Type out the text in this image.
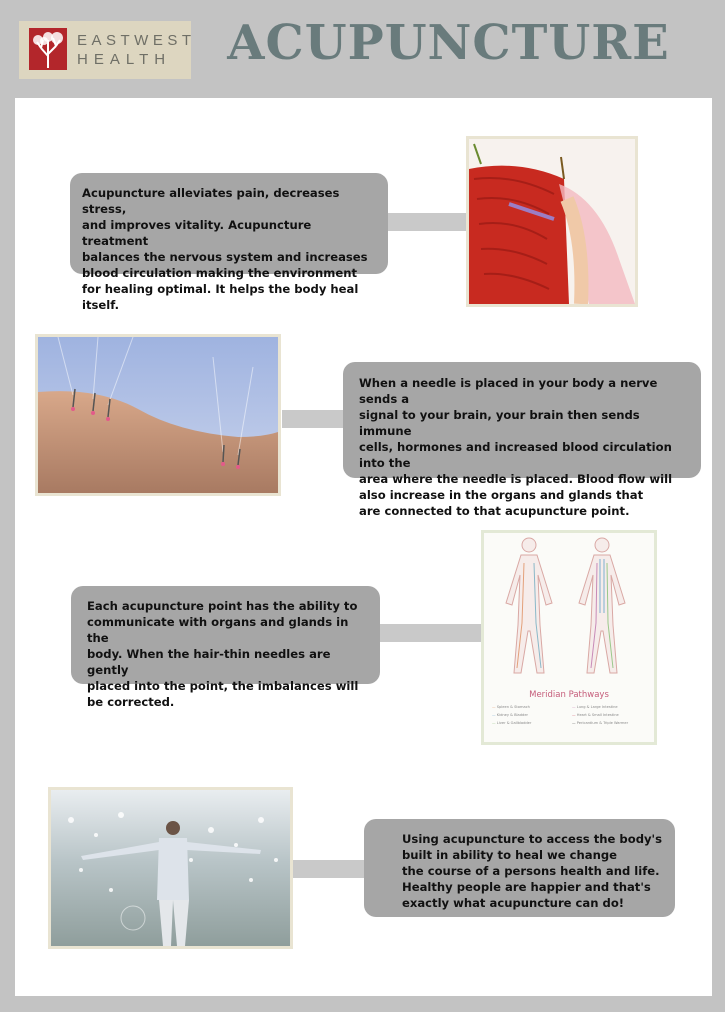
EASTWEST
HEALTH	ACUPUNCTURE
Acupuncture alleviates pain, decreases stress,
and improves vitality. Acupuncture treatment
balances the nervous system and increases
blood circulation making the environment
for healing optimal. It helps the body heal itself.
When a needle is placed in your body a nerve sends a
signal to your brain, your brain then sends immune
cells, hormones and increased blood circulation into the
area where the needle is placed. Blood flow will
also increase in the organs and glands that
are connected to that acupuncture point.
Each acupuncture point has the ability to
communicate with organs and glands in the
body. When the hair-thin needles are gently
placed into the point, the imbalances will
be corrected.	Meridian Pathways
— Spleen & Stomach	— Lung & Large Intestine
— Kidney & Bladder	— Heart & Small Intestine
— Liver & Gallbladder	— Pericardium & Triple Warmer
Using acupuncture to access the body's
built in ability to heal we change
the course of a persons health and life.
Healthy people are happier and that's
exactly what acupuncture can do!
